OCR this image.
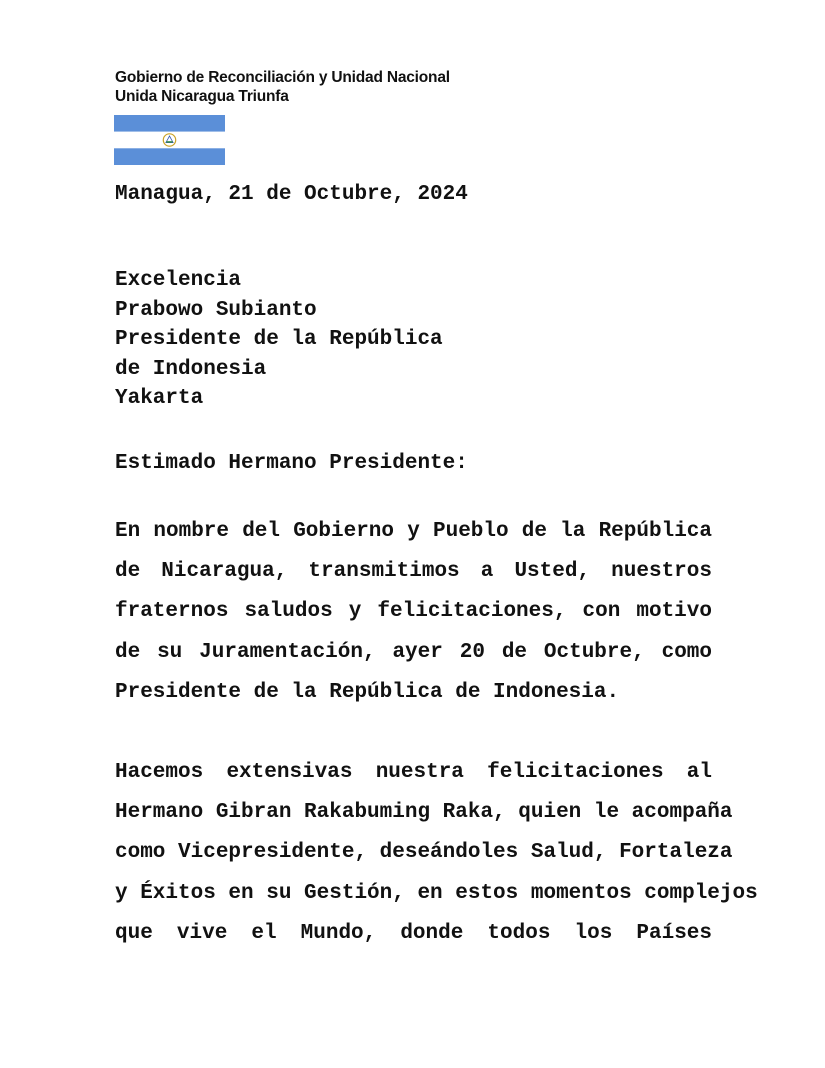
Gobierno de Reconciliación y Unidad Nacional
Unida Nicaragua Triunfa
Managua, 21 de Octubre, 2024
Excelencia
Prabowo Subianto
Presidente de la República
de Indonesia
Yakarta
Estimado Hermano Presidente:
En nombre del Gobierno y Pueblo de la República
de Nicaragua, transmitimos a Usted, nuestros
fraternos saludos y felicitaciones, con motivo
de su Juramentación, ayer 20 de Octubre, como
Presidente de la República de Indonesia.
Hacemos extensivas nuestra felicitaciones al
Hermano Gibran Rakabuming Raka, quien le acompaña
como Vicepresidente, deseándoles Salud, Fortaleza
y Éxitos en su Gestión, en estos momentos complejos
que vive el Mundo, donde todos los Países
